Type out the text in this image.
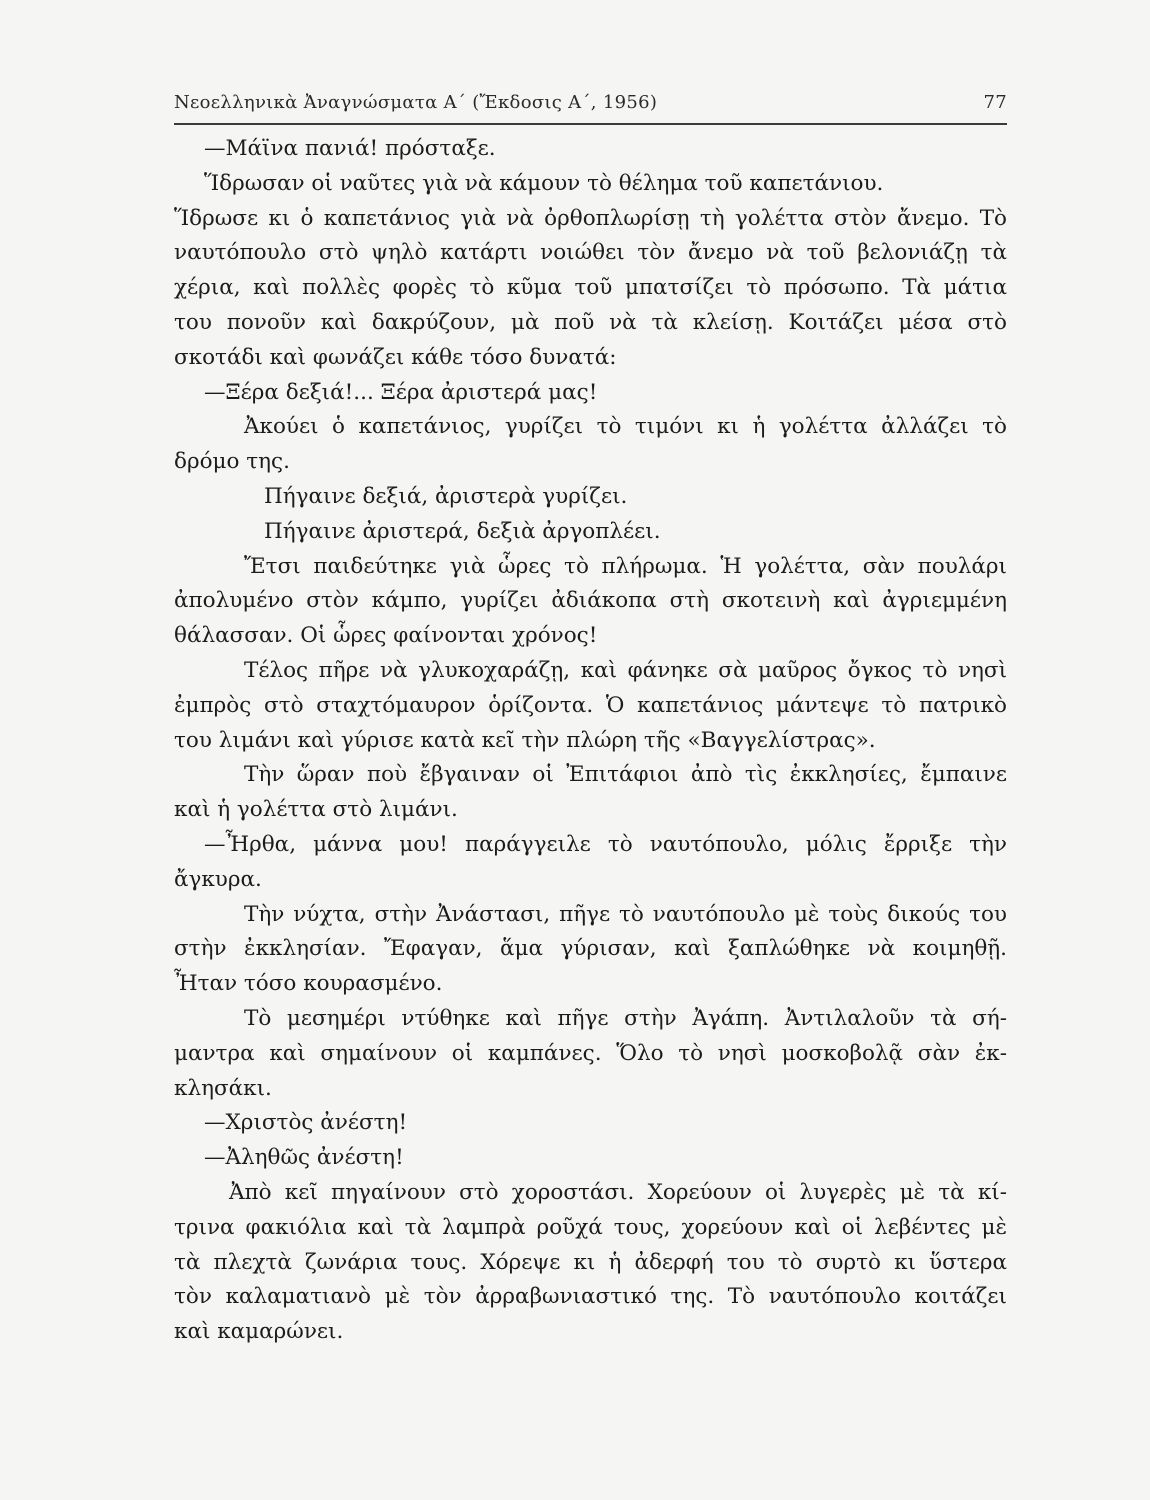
Νεοελληνικὰ Ἀναγνώσματα Α´ (Ἔκδοσις Α´, 1956)	77
—Μάϊνα πανιά! πρόσταξε.
Ἵδρωσαν οἱ ναῦτες γιὰ νὰ κάμουν τὸ θέλημα τοῦ καπετάνιου.
Ἵδρωσε κι ὁ καπετάνιος γιὰ νὰ ὀρθοπλωρίσῃ τὴ γολέττα στὸν ἄνεμο. Τὸ
ναυτόπουλο στὸ ψηλὸ κατάρτι νοιώθει τὸν ἄνεμο νὰ τοῦ βελονιάζῃ τὰ
χέρια, καὶ πολλὲς φορὲς τὸ κῦμα τοῦ μπατσίζει τὸ πρόσωπο. Τὰ μάτια
του πονοῦν καὶ δακρύζουν, μὰ ποῦ νὰ τὰ κλείσῃ. Κοιτάζει μέσα στὸ
σκοτάδι καὶ φωνάζει κάθε τόσο δυνατά:
—Ξέρα δεξιά!... Ξέρα ἀριστερά μας!
Ἀκούει ὁ καπετάνιος, γυρίζει τὸ τιμόνι κι ἡ γολέττα ἀλλάζει τὸ
δρόμο της.
Πήγαινε δεξιά, ἀριστερὰ γυρίζει.
Πήγαινε ἀριστερά, δεξιὰ ἀργοπλέει.
Ἔτσι παιδεύτηκε γιὰ ὧρες τὸ πλήρωμα. Ἡ γολέττα, σὰν πουλάρι
ἀπολυμένο στὸν κάμπο, γυρίζει ἀδιάκοπα στὴ σκοτεινὴ καὶ ἀγριεμμένη
θάλασσαν. Οἱ ὧρες φαίνονται χρόνος!
Τέλος πῆρε νὰ γλυκοχαράζῃ, καὶ φάνηκε σὰ μαῦρος ὄγκος τὸ νησὶ
ἐμπρὸς στὸ σταχτόμαυρον ὁρίζοντα. Ὁ καπετάνιος μάντεψε τὸ πατρικὸ
του λιμάνι καὶ γύρισε κατὰ κεῖ τὴν πλώρη τῆς «Βαγγελίστρας».
Τὴν ὥραν ποὺ ἔβγαιναν οἱ Ἐπιτάφιοι ἀπὸ τὶς ἐκκλησίες, ἔμπαινε
καὶ ἡ γολέττα στὸ λιμάνι.
—Ἦρθα, μάννα μου! παράγγειλε τὸ ναυτόπουλο, μόλις ἔρριξε τὴν
ἄγκυρα.
Τὴν νύχτα, στὴν Ἀνάστασι, πῆγε τὸ ναυτόπουλο μὲ τοὺς δικούς του
στὴν ἐκκλησίαν. Ἔφαγαν, ἅμα γύρισαν, καὶ ξαπλώθηκε νὰ κοιμηθῇ.
Ἦταν τόσο κουρασμένο.
Τὸ μεσημέρι ντύθηκε καὶ πῆγε στὴν Ἀγάπη. Ἀντιλαλοῦν τὰ σή-
μαντρα καὶ σημαίνουν οἱ καμπάνες. Ὅλο τὸ νησὶ μοσκοβολᾷ σὰν ἐκ-
κλησάκι.
—Χριστὸς ἀνέστη!
—Ἀληθῶς ἀνέστη!
Ἀπὸ κεῖ πηγαίνουν στὸ χοροστάσι. Χορεύουν οἱ λυγερὲς μὲ τὰ κί-
τρινα φακιόλια καὶ τὰ λαμπρὰ ροῦχά τους, χορεύουν καὶ οἱ λεβέντες μὲ
τὰ πλεχτὰ ζωνάρια τους. Χόρεψε κι ἡ ἀδερφή του τὸ συρτὸ κι ὕστερα
τὸν καλαματιανὸ μὲ τὸν ἀρραβωνιαστικό της. Τὸ ναυτόπουλο κοιτάζει
καὶ καμαρώνει.
